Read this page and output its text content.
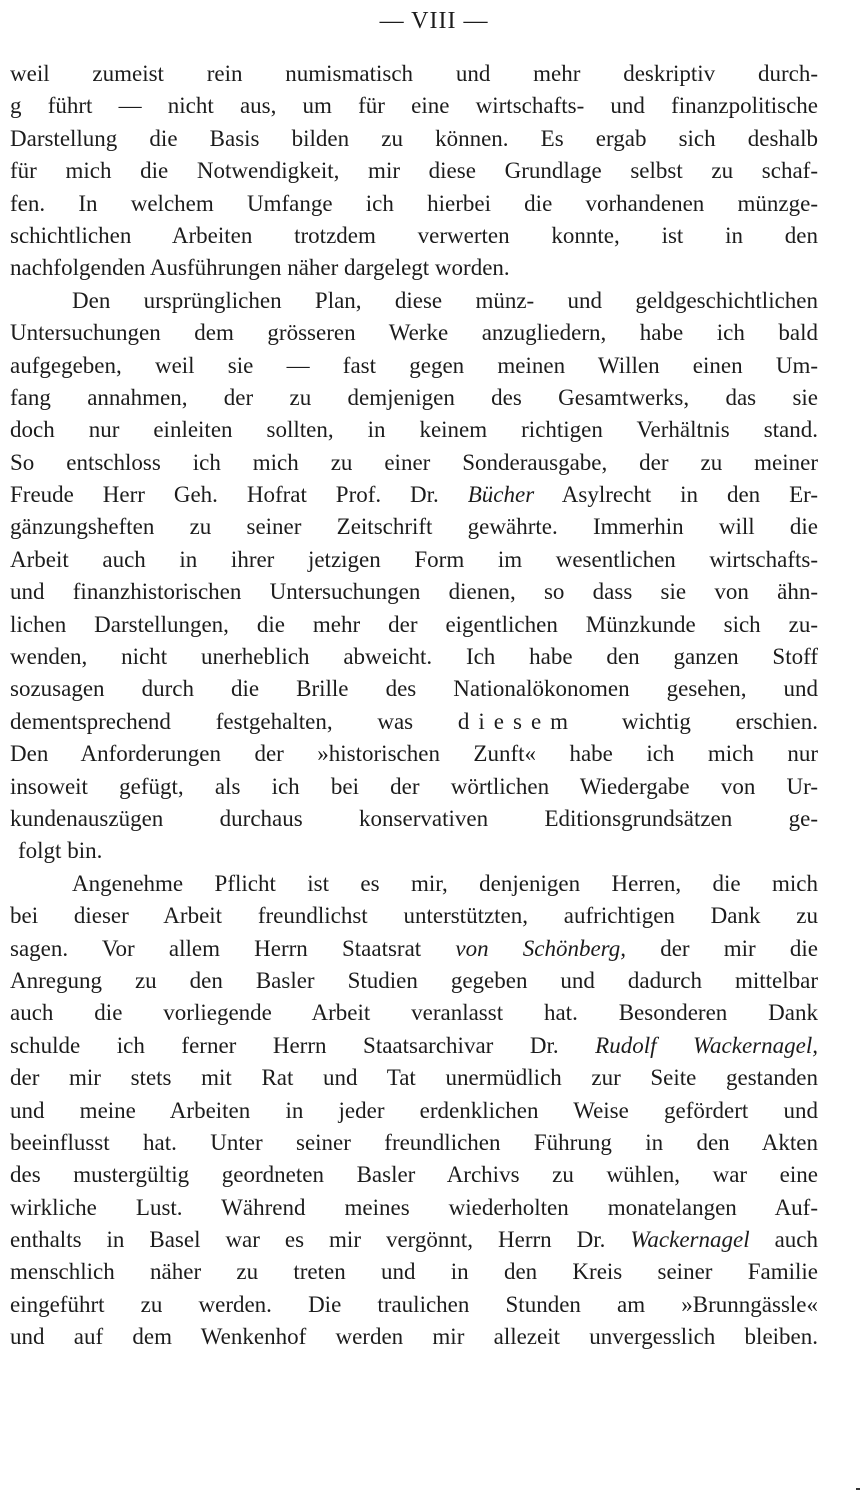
— VIII —
weil zumeist rein numismatisch und mehr deskriptiv durch-
g führt — nicht aus, um für eine wirtschafts- und finanzpolitische
Darstellung die Basis bilden zu können. Es ergab sich deshalb
für mich die Notwendigkeit, mir diese Grundlage selbst zu schaf-
fen. In welchem Umfange ich hierbei die vorhandenen münzge-
schichtlichen Arbeiten trotzdem verwerten konnte, ist in den
nachfolgenden Ausführungen näher dargelegt worden.
Den ursprünglichen Plan, diese münz- und geldgeschichtlichen
Untersuchungen dem grösseren Werke anzugliedern, habe ich bald
aufgegeben, weil sie — fast gegen meinen Willen einen Um-
fang annahmen, der zu demjenigen des Gesamtwerks, das sie
doch nur einleiten sollten, in keinem richtigen Verhältnis stand.
So entschloss ich mich zu einer Sonderausgabe, der zu meiner
Freude Herr Geh. Hofrat Prof. Dr. Bücher Asylrecht in den Er-
gänzungsheften zu seiner Zeitschrift gewährte. Immerhin will die
Arbeit auch in ihrer jetzigen Form im wesentlichen wirtschafts-
und finanzhistorischen Untersuchungen dienen, so dass sie von ähn-
lichen Darstellungen, die mehr der eigentlichen Münzkunde sich zu-
wenden, nicht unerheblich abweicht. Ich habe den ganzen Stoff
sozusagen durch die Brille des Nationalökonomen gesehen, und
dementsprechend festgehalten, was diesem wichtig erschien.
Den Anforderungen der »historischen Zunft« habe ich mich nur
insoweit gefügt, als ich bei der wörtlichen Wiedergabe von Ur-
kundenauszügen durchaus konservativen Editionsgrundsätzen ge-
folgt bin.
Angenehme Pflicht ist es mir, denjenigen Herren, die mich
bei dieser Arbeit freundlichst unterstützten, aufrichtigen Dank zu
sagen. Vor allem Herrn Staatsrat von Schönberg, der mir die
Anregung zu den Basler Studien gegeben und dadurch mittelbar
auch die vorliegende Arbeit veranlasst hat. Besonderen Dank
schulde ich ferner Herrn Staatsarchivar Dr. Rudolf Wackernagel,
der mir stets mit Rat und Tat unermüdlich zur Seite gestanden
und meine Arbeiten in jeder erdenklichen Weise gefördert und
beeinflusst hat. Unter seiner freundlichen Führung in den Akten
des mustergültig geordneten Basler Archivs zu wühlen, war eine
wirkliche Lust. Während meines wiederholten monatelangen Auf-
enthalts in Basel war es mir vergönnt, Herrn Dr. Wackernagel auch
menschlich näher zu treten und in den Kreis seiner Familie
eingeführt zu werden. Die traulichen Stunden am »Brunngässle«
und auf dem Wenkenhof werden mir allezeit unvergesslich bleiben.
